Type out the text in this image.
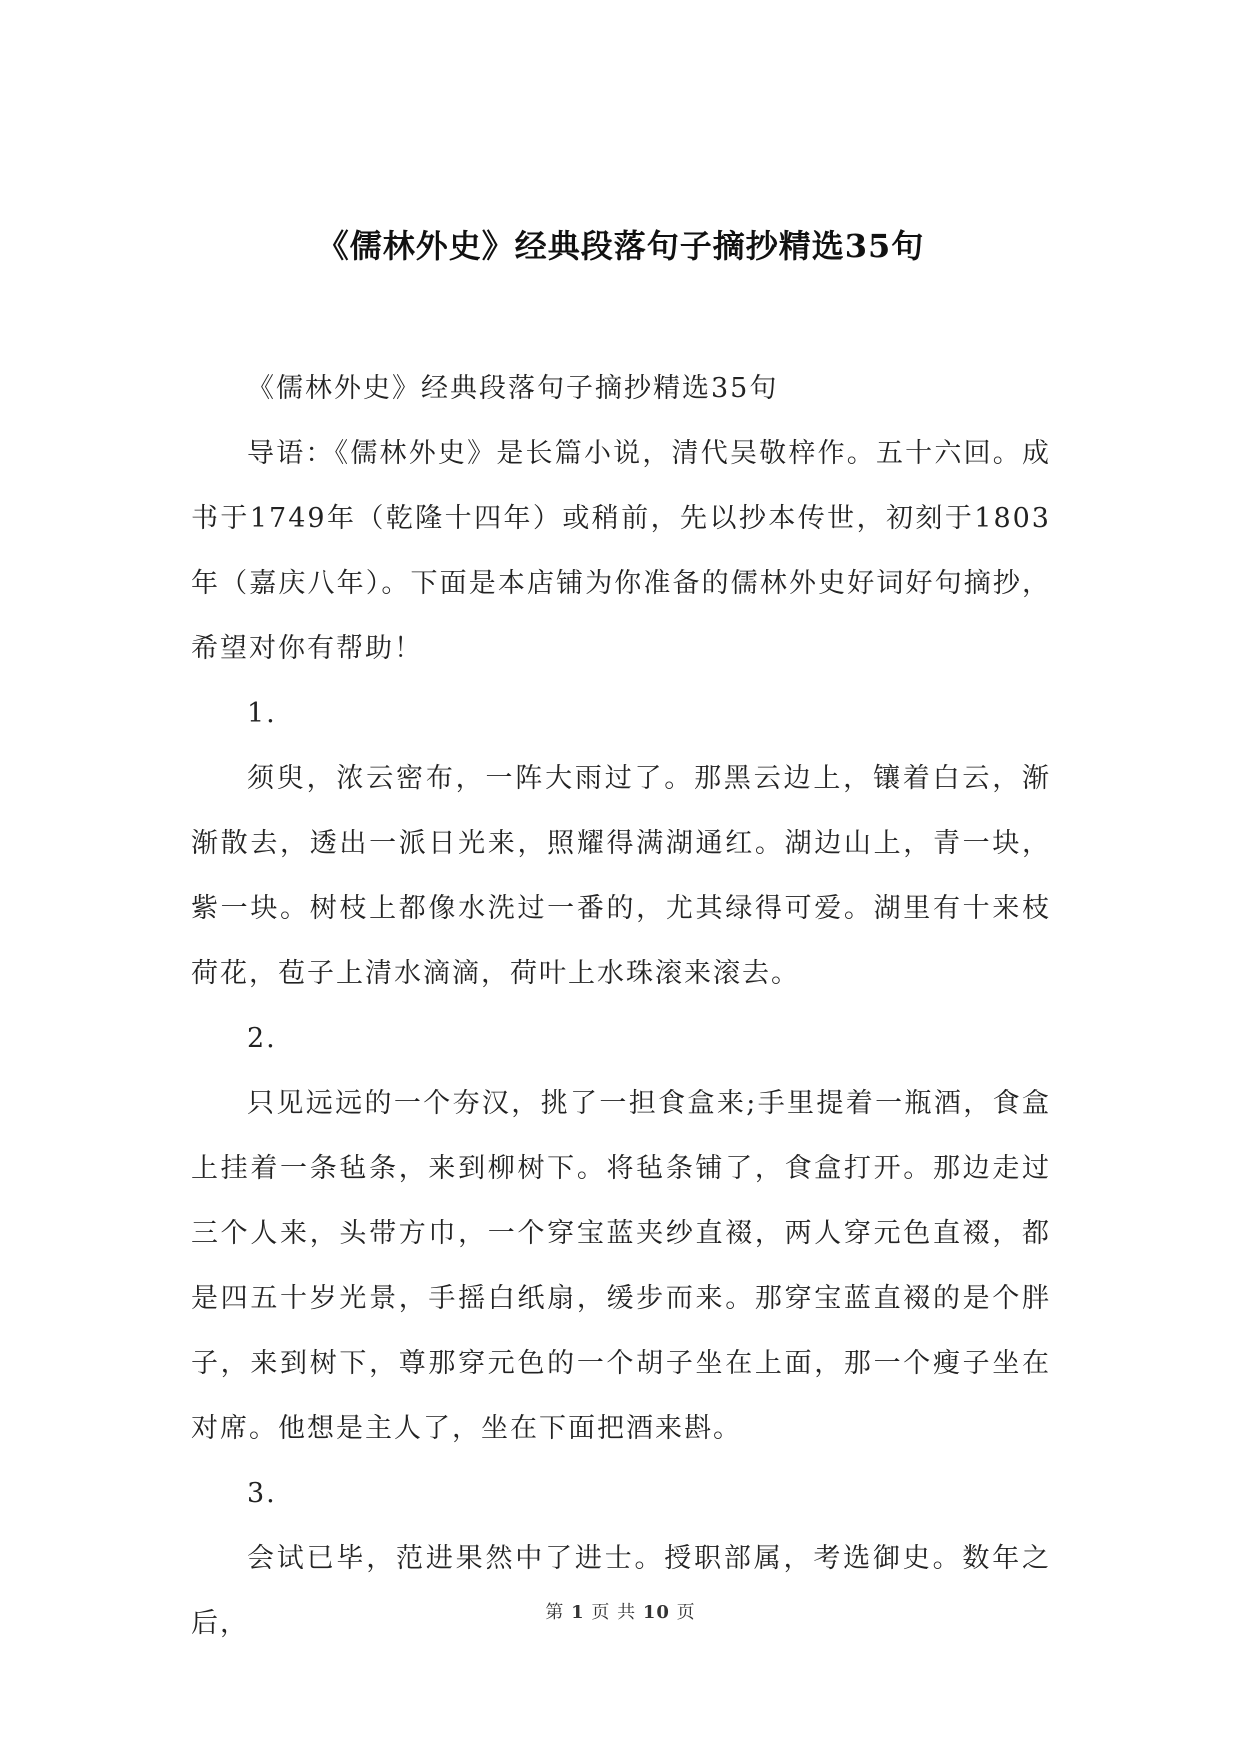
《儒林外史》经典段落句子摘抄精选35句

《儒林外史》经典段落句子摘抄精选35句

导语：《儒林外史》是长篇小说，清代吴敬梓作。五十六回。成书于1749年（乾隆十四年）或稍前，先以抄本传世，初刻于1803年（嘉庆八年）。下面是本店铺为你准备的儒林外史好词好句摘抄，希望对你有帮助！

1.

须臾，浓云密布，一阵大雨过了。那黑云边上，镶着白云，渐渐散去，透出一派日光来，照耀得满湖通红。湖边山上，青一块，紫一块。树枝上都像水洗过一番的，尤其绿得可爱。湖里有十来枝荷花，苞子上清水滴滴，荷叶上水珠滚来滚去。

2.

只见远远的一个夯汉，挑了一担食盒来;手里提着一瓶酒，食盒上挂着一条毡条，来到柳树下。将毡条铺了，食盒打开。那边走过三个人来，头带方巾，一个穿宝蓝夹纱直裰，两人穿元色直裰，都是四五十岁光景，手摇白纸扇，缓步而来。那穿宝蓝直裰的是个胖子，来到树下，尊那穿元色的一个胡子坐在上面，那一个瘦子坐在对席。他想是主人了，坐在下面把酒来斟。

3.

会试已毕，范进果然中了进士。授职部属，考选御史。数年之后，	第 1 页 共 10 页
